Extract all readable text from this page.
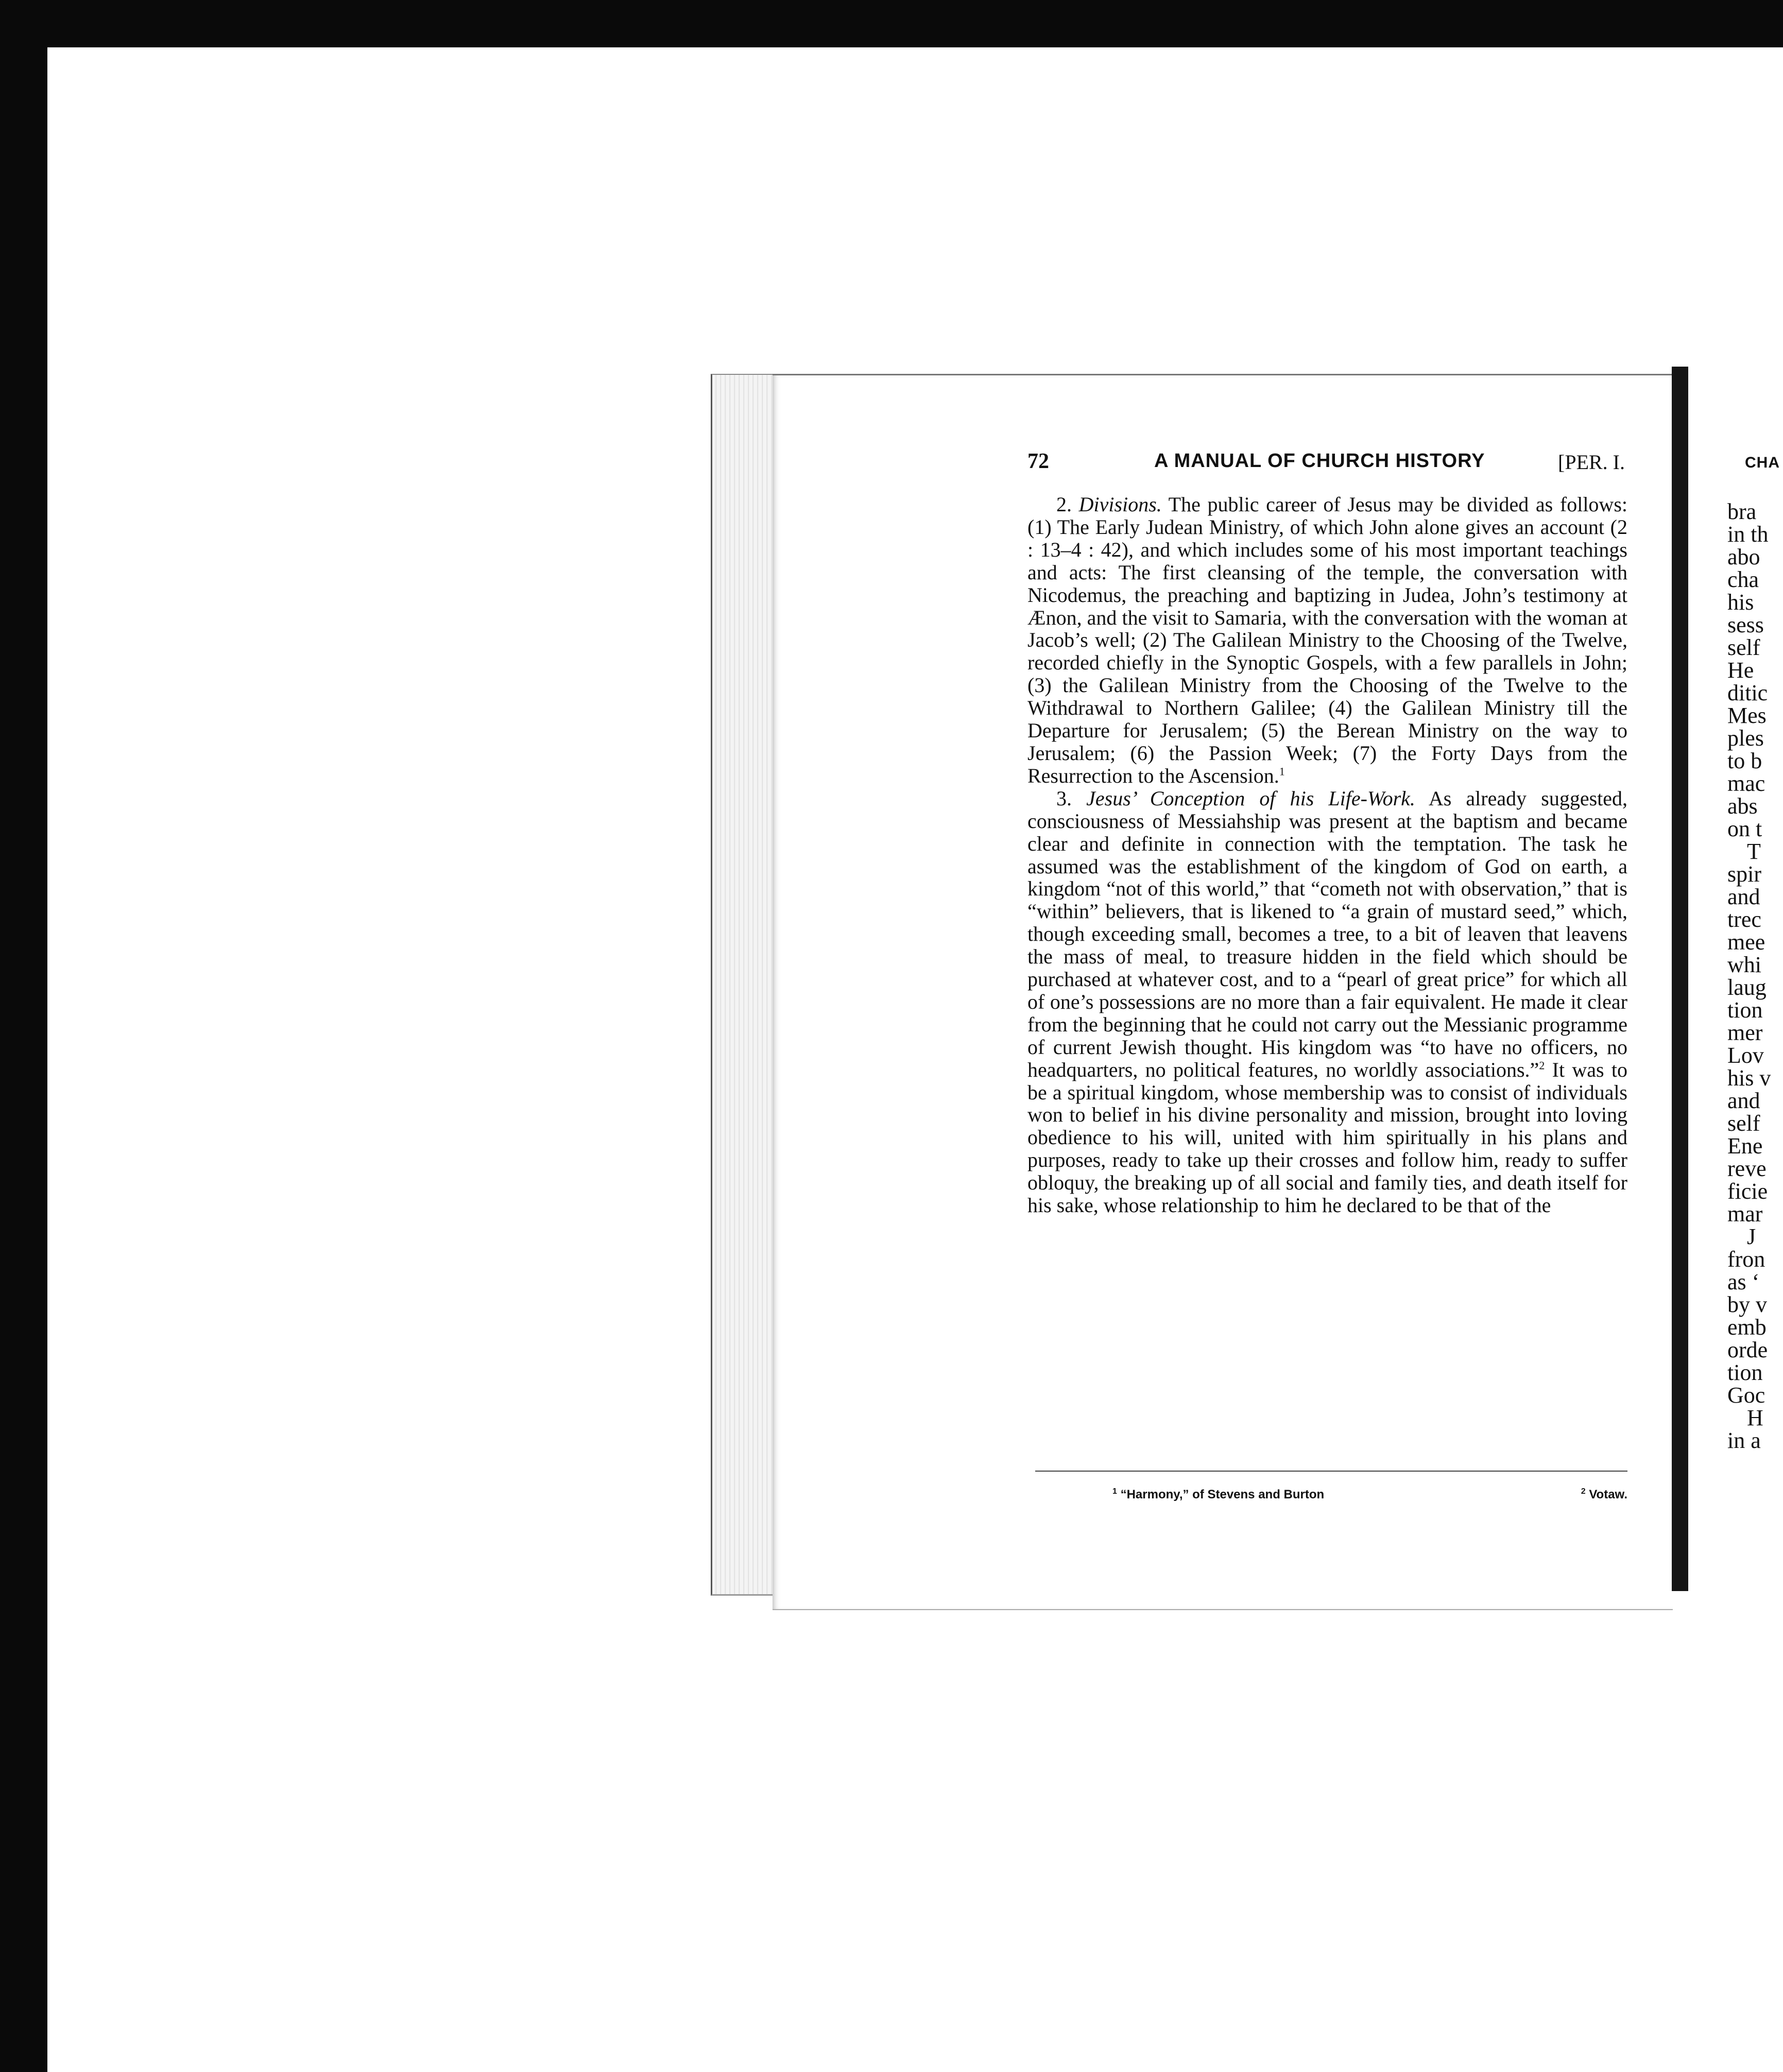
72	A MANUAL OF CHURCH HISTORY	[PER. I.

2. Divisions. The public career of Jesus may be divided as follows: (1) The Early Judean Ministry, of which John alone gives an account (2 : 13–4 : 42), and which includes some of his most important teachings and acts: The first cleansing of the temple, the conversation with Nicodemus, the preaching and baptizing in Judea, John’s testimony at Ænon, and the visit to Samaria, with the conversation with the woman at Jacob’s well; (2) The Galilean Ministry to the Choosing of the Twelve, recorded chiefly in the Synoptic Gospels, with a few parallels in John; (3) the Galilean Ministry from the Choosing of the Twelve to the Withdrawal to Northern Galilee; (4) the Galilean Ministry till the Departure for Jerusalem; (5) the Berean Ministry on the way to Jerusalem; (6) the Passion Week; (7) the Forty Days from the Resurrection to the Ascension.$^1$

3. Jesus’ Conception of his Life-Work. As already suggested, consciousness of Messiahship was present at the baptism and became clear and definite in connection with the temptation. The task he assumed was the establishment of the kingdom of God on earth, a kingdom “not of this world,” that “cometh not with observation,” that is “within” believers, that is likened to “a grain of mustard seed,” which, though exceeding small, becomes a tree, to a bit of leaven that leavens the mass of meal, to treasure hidden in the field which should be purchased at whatever cost, and to a “pearl of great price” for which all of one’s possessions are no more than a fair equivalent. He made it clear from the beginning that he could not carry out the Messianic programme of current Jewish thought. His kingdom was “to have no officers, no headquarters, no political features, no worldly associations.”$^2$ It was to be a spiritual kingdom, whose membership was to consist of individuals won to belief in his divine personality and mission, brought into loving obedience to his will, united with him spiritually in his plans and purposes, ready to take up their crosses and follow him, ready to suffer obloquy, the breaking up of all social and family ties, and death itself for his sake, whose relationship to him he declared to be that of the

$^1$ “Harmony,” of Stevens and Burton	$^2$ Votaw.
CHA
bra
in th
abo
cha
his
sess
self
He
ditic
Mes
ples
to b
mac
abs
on t
T
spir
and
trec
mee
whi
laug
tion
mer
Lov
his v
and
self
Ene
reve
ficie
mar
J
fron
as ‘
by v
emb
orde
tion
Goc
H
in a
